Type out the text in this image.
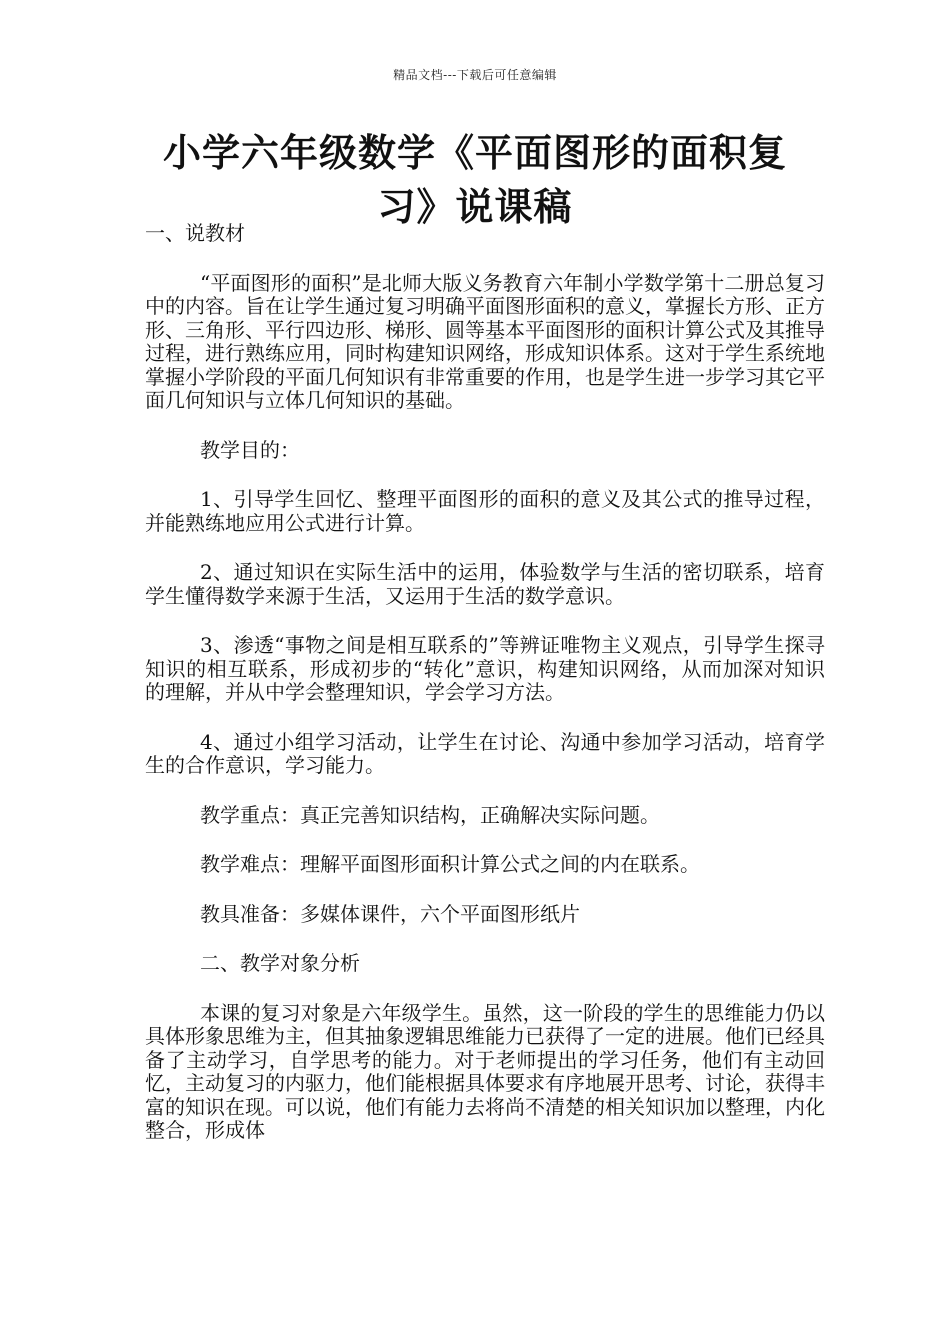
精品文档---下载后可任意编辑
小学六年级数学《平面图形的面积复习》说课稿

一、说教材

“平面图形的面积”是北师大版义务教育六年制小学数学第十二册总复习中的内容。旨在让学生通过复习明确平面图形面积的意义，掌握长方形、正方形、三角形、平行四边形、梯形、圆等基本平面图形的面积计算公式及其推导过程，进行熟练应用，同时构建知识网络，形成知识体系。这对于学生系统地掌握小学阶段的平面几何知识有非常重要的作用，也是学生进一步学习其它平面几何知识与立体几何知识的基础。

教学目的：

1、引导学生回忆、整理平面图形的面积的意义及其公式的推导过程，并能熟练地应用公式进行计算。

2、通过知识在实际生活中的运用，体验数学与生活的密切联系，培育学生懂得数学来源于生活，又运用于生活的数学意识。

3、渗透“事物之间是相互联系的”等辨证唯物主义观点，引导学生探寻知识的相互联系，形成初步的“转化”意识，构建知识网络，从而加深对知识的理解，并从中学会整理知识，学会学习方法。

4、通过小组学习活动，让学生在讨论、沟通中参加学习活动，培育学生的合作意识，学习能力。

教学重点：真正完善知识结构，正确解决实际问题。

教学难点：理解平面图形面积计算公式之间的内在联系。

教具准备：多媒体课件，六个平面图形纸片

二、教学对象分析

本课的复习对象是六年级学生。虽然，这一阶段的学生的思维能力仍以具体形象思维为主，但其抽象逻辑思维能力已获得了一定的进展。他们已经具备了主动学习，自学思考的能力。对于老师提出的学习任务，他们有主动回忆，主动复习的内驱力，他们能根据具体要求有序地展开思考、讨论，获得丰富的知识在现。可以说，他们有能力去将尚不清楚的相关知识加以整理，内化整合，形成体
